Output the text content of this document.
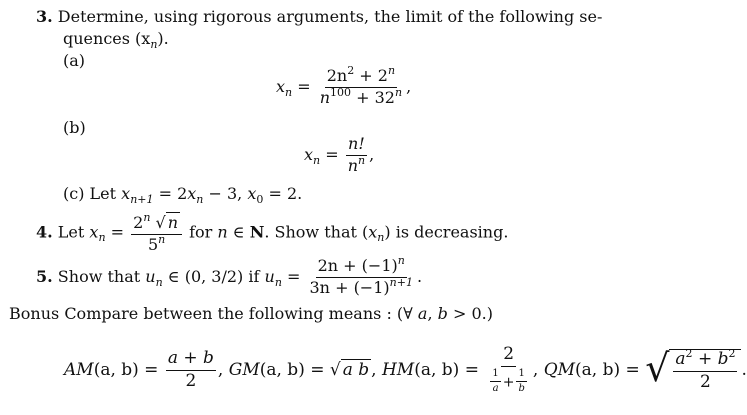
3. Determine, using rigorous arguments, the limit of the following se-
quences $(x_n)$.
(a)
$x_n = \frac{2n^2 + 2^n}{n^{100} + 32^n}$ ,
(b)
$x_n = \frac{n!}{n^n}$ ,
(c) Let $x_{n+1} = 2x_n - 3$, $x_0 = 2$.
4. Let $x_n = \frac{2^n √ n}{5^n}$ for n ∈ N. Show that $(x_n)$ is decreasing.
5. Show that $u_n$ ∈ (0, 3/2) if $u_n = \frac{2n + (-1)^n}{3n + (-1)^{n+1}}$ .
Bonus Compare between the following means : (∀ a, b > 0.)
AM(a, $b) = \frac{a + b}{2}$ , GM(a, b) = √ a b , HM(a, $b) = \frac{2}{\frac{1}{a} + \frac{1}{b}}$ , QM(a, b) = √ $\frac{a^2 + b^2}{2}$ .
